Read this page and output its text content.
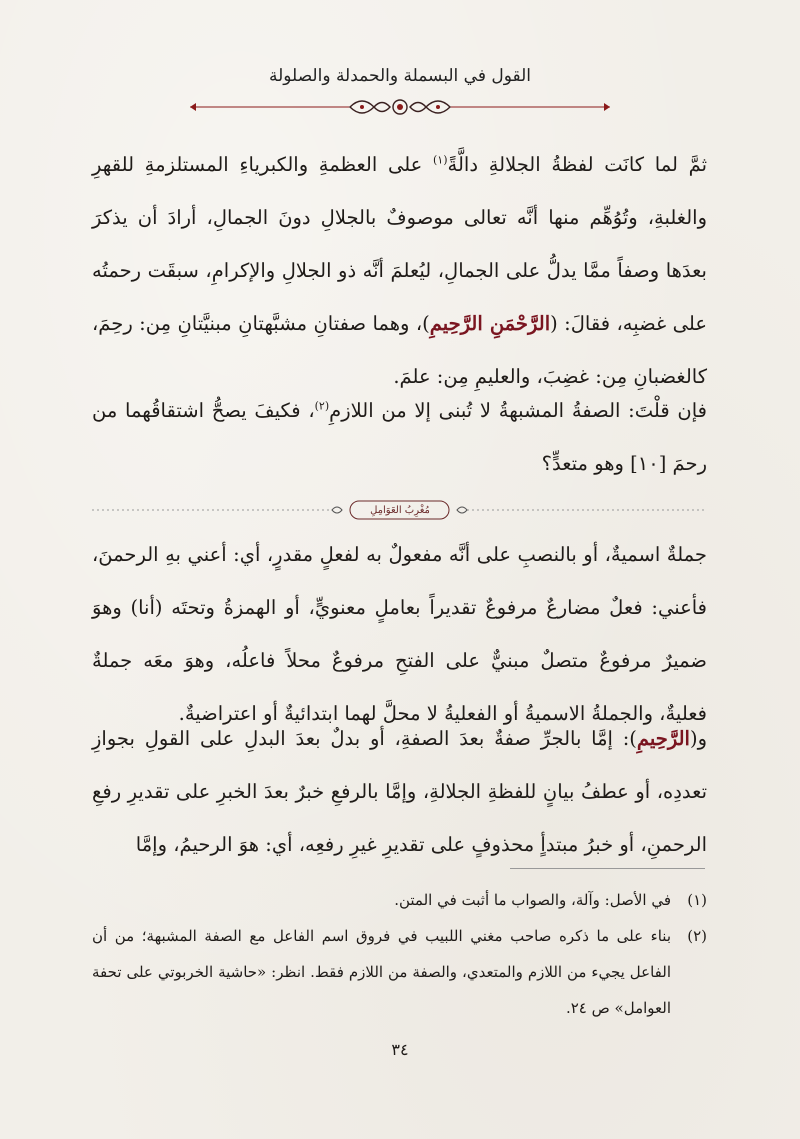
القول في البسملة والحمدلة والصلولة
ثمَّ لما كانَت لفظةُ الجلالةِ دالَّةً$^{(١)}$ على العظمةِ والكبرياءِ المستلزمةِ للقهرِ والغلبةِ، وتُوُهِّم منها أنَّه تعالى موصوفٌ بالجلالِ دونَ الجمالِ، أرادَ أن يذكرَ بعدَها وصفاً ممَّا يدلُّ على الجمالِ، ليُعلمَ أنَّه ذو الجلالِ والإكرامِ، سبقَت رحمتُه على غضبِه، فقالَ: (الرَّحْمَنِ الرَّحِيمِ)، وهما صفتانِ مشبَّهتانِ مبنيَّتانِ مِن: رحِمَ، كالغضبانِ مِن: غضِبَ، والعليمِ مِن: علمَ.
فإن قلْتَ: الصفةُ المشبهةُ لا تُبنى إلا من اللازمِ$^{(٢)}$، فكيفَ يصحُّ اشتقاقُهما من رحمَ [١٠] وهو متعدٍّ؟
مُغْرِبُ العَوَامِلِ
جملةٌ اسميةٌ، أو بالنصبِ على أنَّه مفعولٌ به لفعلٍ مقدرٍ، أي: أعني بهِ الرحمنَ، فأعني: فعلٌ مضارعٌ مرفوعٌ تقديراً بعاملٍ معنويٍّ، أو الهمزةُ وتحتَه (أنا) وهوَ ضميرٌ مرفوعٌ متصلٌ مبنيٌّ على الفتحِ مرفوعٌ محلاً فاعلُه، وهوَ معَه جملةٌ فعليةٌ، والجملةُ الاسميةُ أو الفعليةُ لا محلَّ لهما ابتدائيةٌ أو اعتراضيةٌ.
و(الرَّحِيمِ): إمَّا بالجرِّ صفةٌ بعدَ الصفةِ، أو بدلٌ بعدَ البدلِ على القولِ بجوازِ تعددِه، أو عطفُ بيانٍ للفظةِ الجلالةِ، وإمَّا بالرفعِ خبرٌ بعدَ الخبرِ على تقديرِ رفعِ الرحمنِ، أو خبرُ مبتدأٍ محذوفٍ على تقديرِ غيرِ رفعِه، أي: هوَ الرحيمُ، وإمَّا
(١)
في الأصل: وآلة، والصواب ما أثبت في المتن.
(٢)
بناء على ما ذكره صاحب مغني اللبيب في فروق اسم الفاعل مع الصفة المشبهة؛ من أن الفاعل يجيء من اللازم والمتعدي، والصفة من اللازم فقط. انظر: «حاشية الخربوتي على تحفة العوامل» ص ٢٤.
٣٤
